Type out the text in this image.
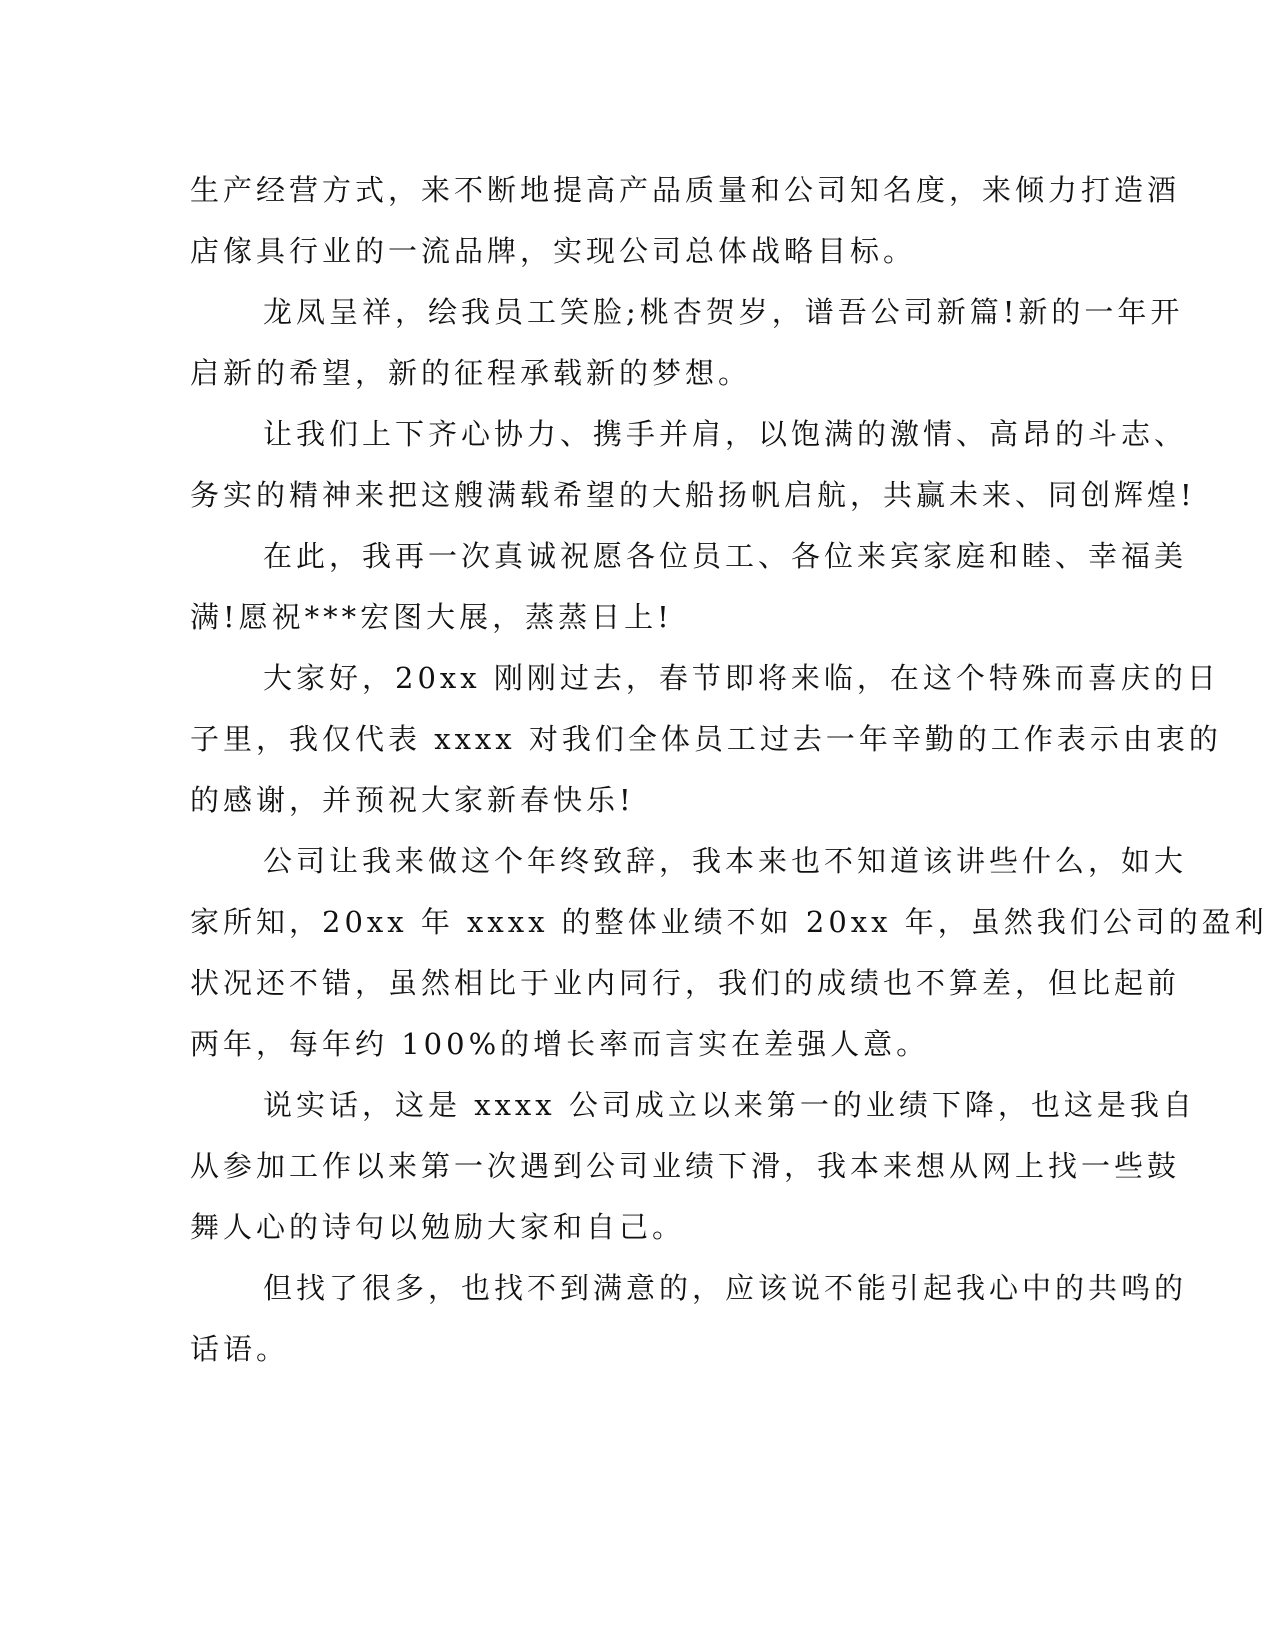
生产经营方式，来不断地提高产品质量和公司知名度，来倾力打造酒
店傢具行业的一流品牌，实现公司总体战略目标。
龙凤呈祥，绘我员工笑脸;桃杏贺岁，谱吾公司新篇!新的一年开
启新的希望，新的征程承载新的梦想。
让我们上下齐心协力、携手并肩，以饱满的激情、高昂的斗志、
务实的精神来把这艘满载希望的大船扬帆启航，共赢未来、同创辉煌!
在此，我再一次真诚祝愿各位员工、各位来宾家庭和睦、幸福美
满!愿祝***宏图大展，蒸蒸日上!
大家好，20xx 刚刚过去，春节即将来临，在这个特殊而喜庆的日
子里，我仅代表 xxxx 对我们全体员工过去一年辛勤的工作表示由衷的
的感谢，并预祝大家新春快乐!
公司让我来做这个年终致辞，我本来也不知道该讲些什么，如大
家所知，20xx 年 xxxx 的整体业绩不如 20xx 年，虽然我们公司的盈利
状况还不错，虽然相比于业内同行，我们的成绩也不算差，但比起前
两年，每年约 100%的增长率而言实在差强人意。
说实话，这是 xxxx 公司成立以来第一的业绩下降，也这是我自
从参加工作以来第一次遇到公司业绩下滑，我本来想从网上找一些鼓
舞人心的诗句以勉励大家和自己。
但找了很多，也找不到满意的，应该说不能引起我心中的共鸣的
话语。
